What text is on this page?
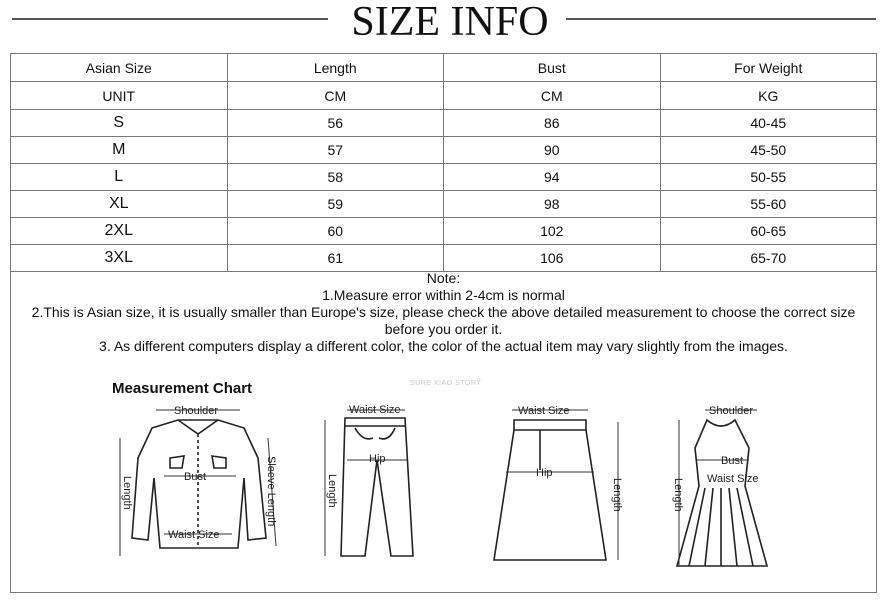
SIZE INFO
Asian Size	Length	Bust	For Weight
UNIT	CM	CM	KG
S	56	86	40-45
M	57	90	45-50
L	58	94	50-55
XL	59	98	55-60
2XL	60	102	60-65
3XL	61	106	65-70
Note:
1.Measure error within 2-4cm is normal
2.This is Asian size, it is usually smaller than Europe's size, please check the above detailed measurement to choose the correct size
before you order it.
3. As different computers display a different color, the color of the actual item may vary slightly from the images.
Measurement Chart	SURE XIAO STORY
Shoulder
Bust
Waist Size
Length	Sleeve Length
Waist Size
Hip
Length
Waist Size
Hip
Length
Shoulder
Bust
Waist Size
Length
